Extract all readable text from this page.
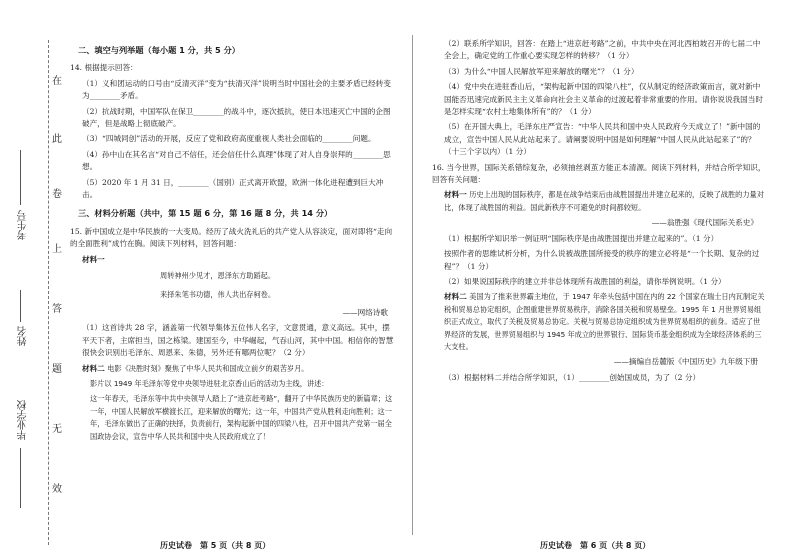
在
此
卷
上
答
题
无
效
考生号
姓名
毕业学校
二、填空与列举题（每小题 1 分，共 5 分）

14. 根据提示回答：

（1）义和团运动的口号由“反清灭洋”变为“扶清灭洋”说明当时中国社会的主要矛盾已经转变为________矛盾。

（2）抗战时期，中国军队在保卫________的战斗中，逐次抵抗，使日本迅速灭亡中国的企图破产，但是战略上彻底破产。

（3）“四城同创”活动的开展，反应了党和政府高度重视人类社会面临的________问题。

（4）孙中山在其名言“对自己不信任，还会信任什么真理”体现了对人自身崇拜的________思想。

（5）2020 年 1 月 31 日，________（国别）正式离开欧盟，欧洲一体化进程遭到巨大冲击。

三、材料分析题（共中，第 15 题 6 分，第 16 题 8 分，共 14 分）

15. 新中国成立是中华民族的一大变局。经历了战火洗礼后的共产党人从容淡定，面对即将“走向的全面胜利”成竹在胸。阅读下列材料，回答问题：

材料一

周转神州少见才，恩泽东方助蹈起。
来择朱笔书功德，伟人共出存柯卷。

——网络诗歌

（1）这首诗共 28 字，涵盖第一代领导集体五位伟人名字，文意贯通，意义高远。其中，摆平天下者，主席担当，国之栋梁。建国至今，中华崛起，气吞山河，其中中国。相信你的智慧很快会识别出毛泽东、周恩来、朱德，另外还有哪两位呢？（2 分）

材料二 电影《决胜时刻》聚焦了中华人民共和国成立前夕的艰苦岁月。

影片以 1949 年毛泽东等党中央领导进驻北京香山后的活动为主线，讲述：

这一年春天，毛泽东等中共中央领导人踏上了“进京赶考路”，翻开了中华民族历史的新篇章；这一年，中国人民解放军横渡长江，迎来解放的曙光；这一年，中国共产党从胜利走向胜利；这一年，毛泽东做出了正确的抉择，负责前行，架构起新中国的四梁八柱，召开中国共产党第一届全国政协会议，宣告中华人民共和国中央人民政府成立了！

（2）联系所学知识，回答：在踏上“进京赶考路”之前，中共中央在河北西柏坡召开的七届二中全会上，确定党的工作重心要实现怎样的转移？（1 分）

（3）为什么“中国人民解放军迎来解放的曙光”？（1 分）

（4）党中央在进驻香山后，“架构起新中国的四梁八柱”，仅从制定的经济政策而言，就对新中国能否迅速完成新民主主义革命向社会主义革命的过渡起着非常重要的作用。请你说说我国当时是怎样实现“农村土地集体所有”的？（1 分）

（5）在开国大典上，毛泽东庄严宣告：“中华人民共和国中央人民政府今天成立了！”新中国的成立，宣告中国人民从此站起来了。请阐要说明中国是如何理解“中国人民从此站起来了”的？（十三个字以内）（1 分）

16. 当今世界，国际关系错综复杂，必须抽丝剥茧方能正本清源。阅读下列材料，并结合所学知识，回答有关问题：

材料一 历史上出现的国际秩序，都是在战争结束后由战胜国提出并建立起来的，反映了战胜的力量对比，体现了战胜国的利益。国此新秩序不可避免的时间都较短。

——翁胜强《现代国际关系史》

（1）根据所学知识举一例证明“国际秩序是由战胜国提出并建立起来的”。（1 分）

按照作者的思维试析分析，为什么说被战胜国所接受的秩序的建立必将是“一个长期、复杂的过程”？（1 分）

（2）如果说国际秩序的建立并非总体现所有战胜国的利益，请你举例说明。（1 分）

材料二 美国为了推来世界霸主地位，于 1947 年牵头包括中国在内的 22 个国家在瑞士日内瓦制定关税和贸易总协定组织，企图重建世界贸易秩序，消除各国关税和贸易壁垒。1995 年 1 月世界贸易组织正式成立，取代了关税及贸易总协定。关税与贸易总协定组织成为世界贸易组织的前身。适应了世界经济的发展，世界贸易组织与 1945 年成立的世界银行、国际货币基金组织成为全球经济体系的三大支柱。

——摘编自岳麓版《中国历史》九年级下册

（3）根据材料二并结合所学知识，（1）________创始国成员，为了（2 分）

历史试卷　第 5 页（共 8 页）	历史试卷　第 6 页（共 8 页）
